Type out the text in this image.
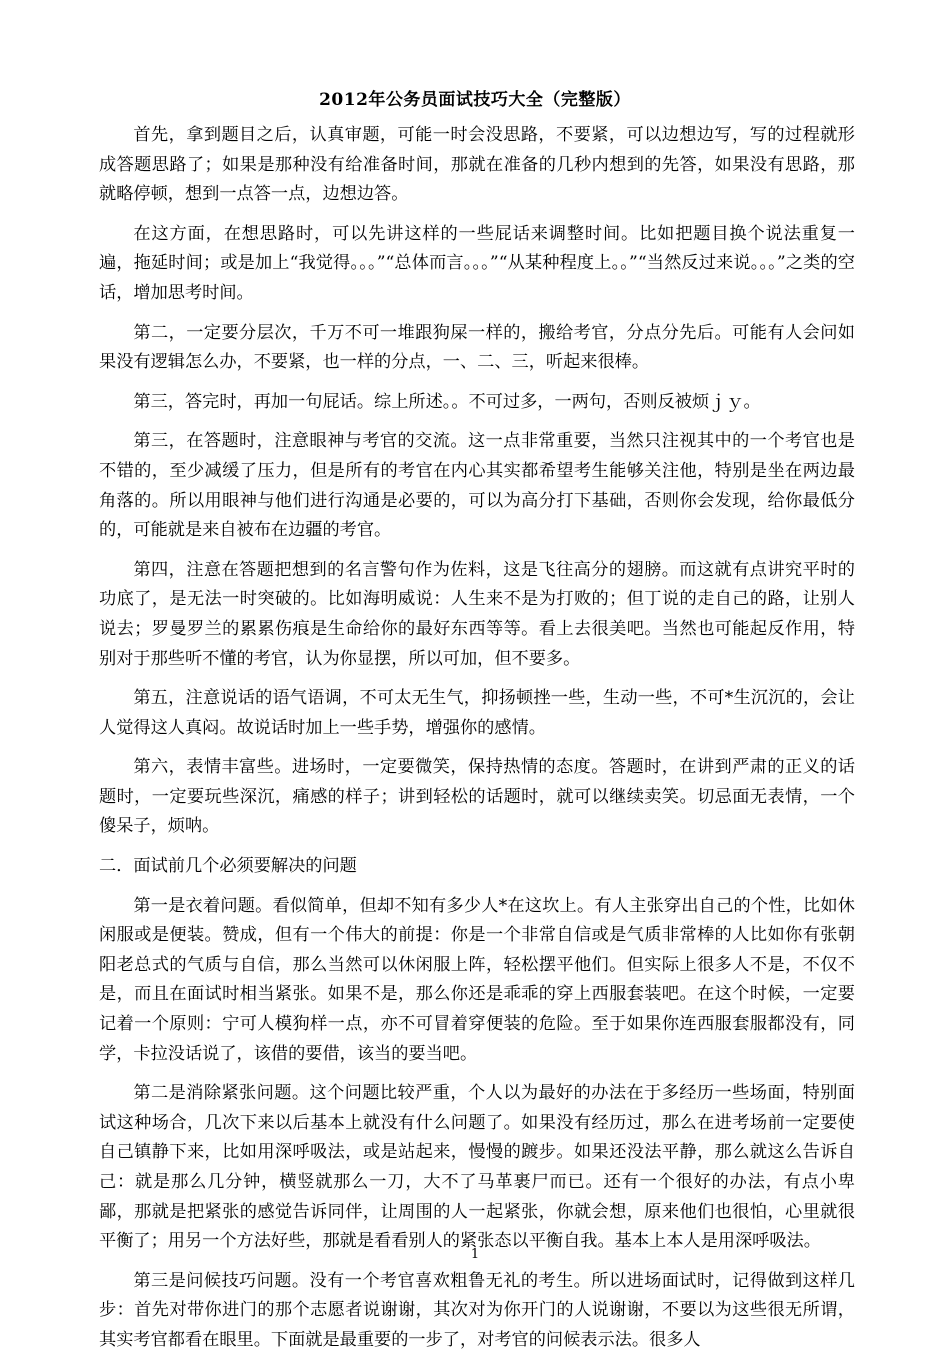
2012年公务员面试技巧大全（完整版）

首先，拿到题目之后，认真审题，可能一时会没思路，不要紧，可以边想边写，写的过程就形成答题思路了；如果是那种没有给准备时间，那就在准备的几秒内想到的先答，如果没有思路，那就略停顿，想到一点答一点，边想边答。

在这方面，在想思路时，可以先讲这样的一些屁话来调整时间。比如把题目换个说法重复一遍，拖延时间；或是加上“我觉得。。。”“总体而言。。。”“从某种程度上。。”“当然反过来说。。。”之类的空话，增加思考时间。

第二，一定要分层次，千万不可一堆跟狗屎一样的，搬给考官，分点分先后。可能有人会问如果没有逻辑怎么办，不要紧，也一样的分点，一、二、三，听起来很棒。

第三，答完时，再加一句屁话。综上所述。。不可过多，一两句，否则反被烦ｊｙ。

第三，在答题时，注意眼神与考官的交流。这一点非常重要，当然只注视其中的一个考官也是不错的，至少减缓了压力，但是所有的考官在内心其实都希望考生能够关注他，特别是坐在两边最角落的。所以用眼神与他们进行沟通是必要的，可以为高分打下基础，否则你会发现，给你最低分的，可能就是来自被布在边疆的考官。

第四，注意在答题把想到的名言警句作为佐料，这是飞往高分的翅膀。而这就有点讲究平时的功底了，是无法一时突破的。比如海明威说：人生来不是为打败的；但丁说的走自己的路，让别人说去；罗曼罗兰的累累伤痕是生命给你的最好东西等等。看上去很美吧。当然也可能起反作用，特别对于那些听不懂的考官，认为你显摆，所以可加，但不要多。

第五，注意说话的语气语调，不可太无生气，抑扬顿挫一些，生动一些，不可*生沉沉的，会让人觉得这人真闷。故说话时加上一些手势，增强你的感情。

第六，表情丰富些。进场时，一定要微笑，保持热情的态度。答题时，在讲到严肃的正义的话题时，一定要玩些深沉，痛感的样子；讲到轻松的话题时，就可以继续卖笑。切忌面无表情，一个傻呆子，烦呐。

二．面试前几个必须要解决的问题

第一是衣着问题。看似简单，但却不知有多少人*在这坎上。有人主张穿出自己的个性，比如休闲服或是便装。赞成，但有一个伟大的前提：你是一个非常自信或是气质非常棒的人比如你有张朝阳老总式的气质与自信，那么当然可以休闲服上阵，轻松摆平他们。但实际上很多人不是，不仅不是，而且在面试时相当紧张。如果不是，那么你还是乖乖的穿上西服套装吧。在这个时候，一定要记着一个原则：宁可人模狗样一点，亦不可冒着穿便装的危险。至于如果你连西服套服都没有，同学，卡拉没话说了，该借的要借，该当的要当吧。

第二是消除紧张问题。这个问题比较严重，个人以为最好的办法在于多经历一些场面，特别面试这种场合，几次下来以后基本上就没有什么问题了。如果没有经历过，那么在进考场前一定要使自己镇静下来，比如用深呼吸法，或是站起来，慢慢的踱步。如果还没法平静，那么就这么告诉自己：就是那么几分钟，横竖就那么一刀，大不了马革裹尸而已。还有一个很好的办法，有点小卑鄙，那就是把紧张的感觉告诉同伴，让周围的人一起紧张，你就会想，原来他们也很怕，心里就很平衡了；用另一个方法好些，那就是看看别人的紧张态以平衡自我。基本上本人是用深呼吸法。

第三是问候技巧问题。没有一个考官喜欢粗鲁无礼的考生。所以进场面试时，记得做到这样几步：首先对带你进门的那个志愿者说谢谢，其次对为你开门的人说谢谢，不要以为这些很无所谓，其实考官都看在眼里。下面就是最重要的一步了，对考官的问候表示法。很多人

1
